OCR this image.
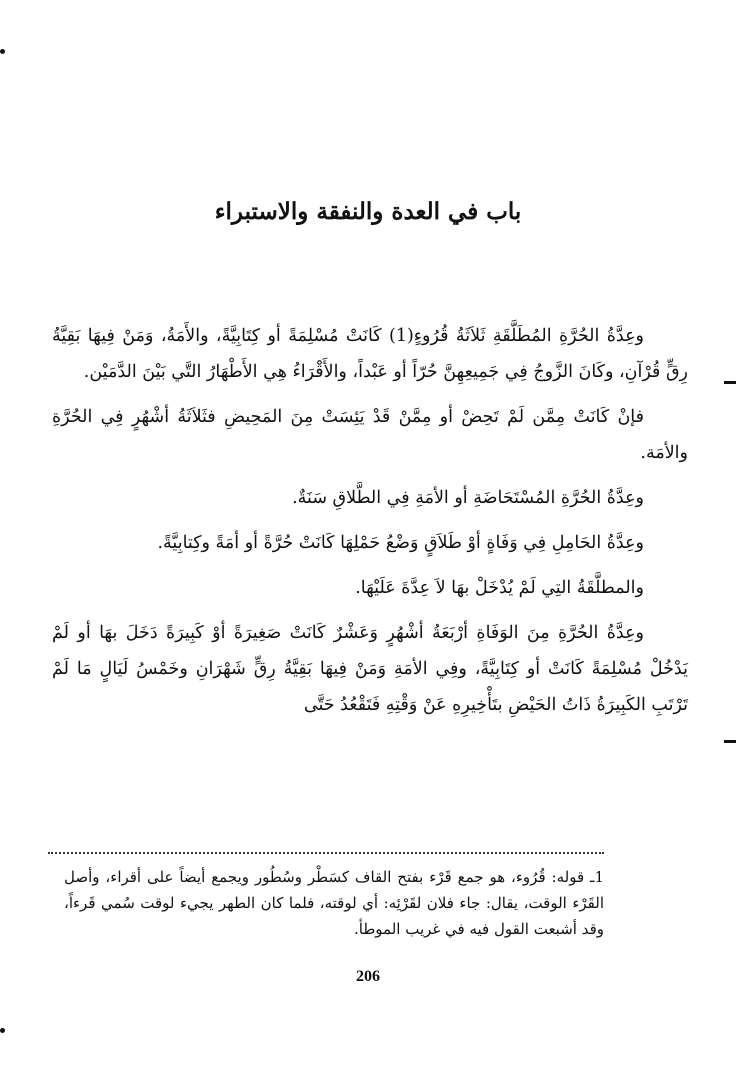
باب في العدة والنفقة والاستبراء

وعِدَّةُ الحُرَّةِ المُطَلَّقَةِ ثَلاَثَةُ قُرُوءٍ(1) كَانَتْ مُسْلِمَةً أو كِتَابِيَّةً، والأَمَةُ، وَمَنْ فِيهَا بَقِيَّةُ رِقٍّ قُرْآنِ، وكَانَ الزَّوجُ فِي جَمِيعِهِنَّ حُرّاً أو عَبْداً، والأَقْرَاءُ هِي الأَطْهَارُ التَّي بَيْنَ الدَّمَيْن.

فإنْ كَانَتْ مِمَّن لَمْ تَحِضْ أو مِمَّنْ قَدْ يَئِسَتْ مِنَ المَحِيضِ فثَلاَثَةُ أشْهُرٍ فِي الحُرَّةِ والأمَة.

وعِدَّةُ الحُرَّةِ المُسْتَحَاضَةِ أو الأمَةِ فِي الطَّلاقِ سَنَةٌ.

وعِدَّةُ الحَامِلِ فِي وَفَاةٍ أوْ طَلاَقٍ وَضْعُ حَمْلِهَا كَانَتْ حُرَّةً أو أمَةً وكِتابِيَّةً.

والمطلَّقَةُ التِي لَمْ يُدْخَلْ بهَا لاَ عِدَّةَ عَلَيْهَا.

وعِدَّةُ الحُرَّةِ مِنَ الوَفَاةِ أرْبَعَةُ أشْهُرٍ وَعَشْرٌ كَانَتْ صَغِيرَةً أوْ كَبِيرَةً دَخَلَ بهَا أو لَمْ يَدْخُلْ مُسْلِمَةً كَانَتْ أو كِتَابِيَّةً، وفِي الأمَةِ وَمَنْ فِيهَا بَقِيَّةُ رِقٍّ شَهْرَانِ وخَمْسُ لَيَالٍ مَا لَمْ تَرْتَبِ الكَبِيرَةُ ذَاتُ الحَيْضِ بتَأْخِيرِهِ عَنْ وَقْتِهِ فَتَقْعُدُ حَتَّى

1ـ قوله: قُرُوء، هو جمع قَرْء بفتح القاف كسَطْر وسُطُور ويجمع أيضاً على أقراء، وأصل القَرْء الوقت، يقال: جاء فلان لقَرْئِه: أي لوقته، فلما كان الطهر يجيء لوقت سُمي قَرءاً، وقد أشبعت القول فيه في غريب الموطأ.

206
